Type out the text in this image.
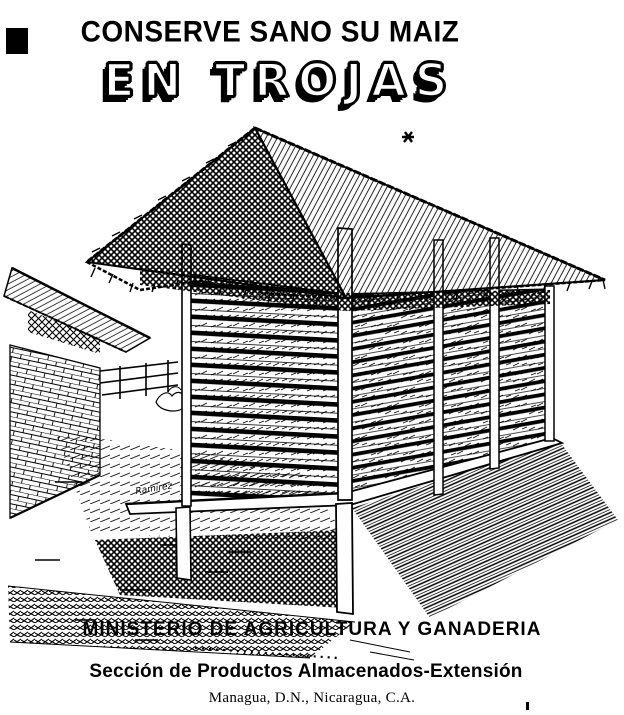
CONSERVE SANO SU MAIZ
EN TROJAS
Ramirez
MINISTERIO DE AGRICULTURA Y GANADERIA
Sección de Productos Almacenados-Extensión
Managua, D.N., Nicaragua, C.A.
